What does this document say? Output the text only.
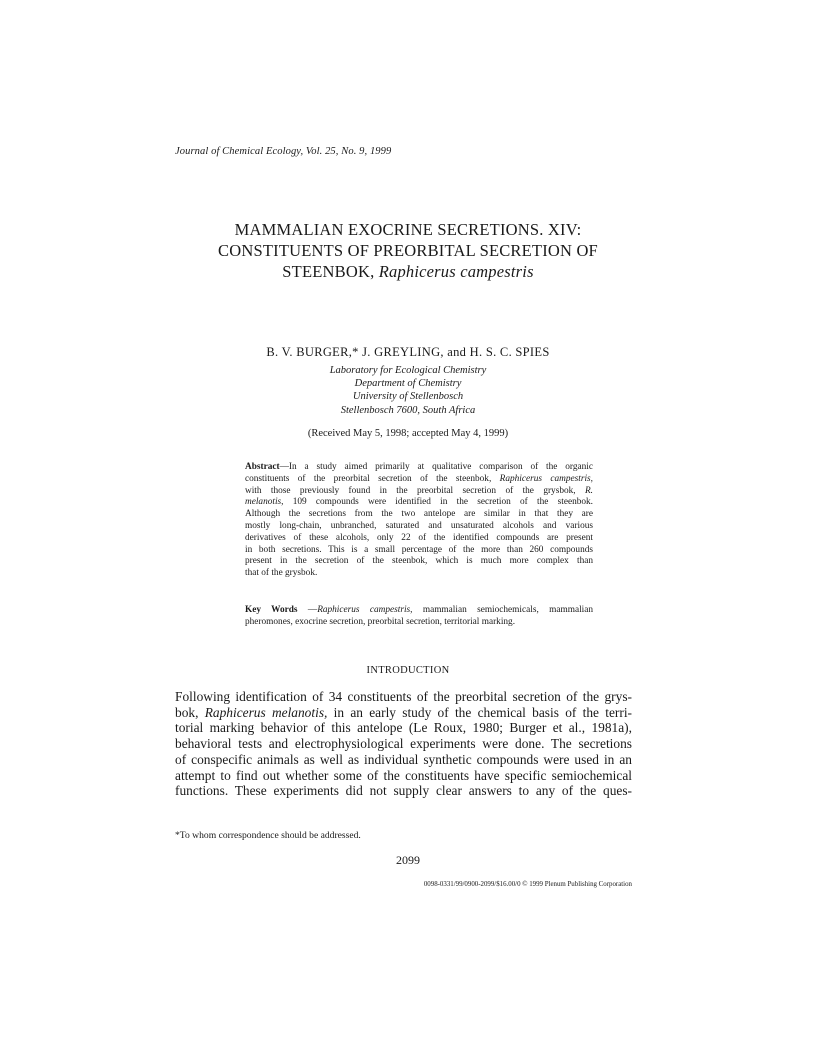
Journal of Chemical Ecology, Vol. 25, No. 9, 1999
MAMMALIAN EXOCRINE SECRETIONS. XIV:
CONSTITUENTS OF PREORBITAL SECRETION OF
STEENBOK, Raphicerus campestris
B. V. BURGER,* J. GREYLING, and H. S. C. SPIES
Laboratory for Ecological Chemistry
Department of Chemistry
University of Stellenbosch
Stellenbosch 7600, South Africa
(Received May 5, 1998; accepted May 4, 1999)
Abstract—In a study aimed primarily at qualitative comparison of the organic
constituents of the preorbital secretion of the steenbok, Raphicerus campestris,
with those previously found in the preorbital secretion of the grysbok, R.
melanotis, 109 compounds were identified in the secretion of the steenbok.
Although the secretions from the two antelope are similar in that they are
mostly long-chain, unbranched, saturated and unsaturated alcohols and various
derivatives of these alcohols, only 22 of the identified compounds are present
in both secretions. This is a small percentage of the more than 260 compounds
present in the secretion of the steenbok, which is much more complex than
that of the grysbok.
Key Words —Raphicerus campestris, mammalian semiochemicals, mammalian
pheromones, exocrine secretion, preorbital secretion, territorial marking.
INTRODUCTION
Following identification of 34 constituents of the preorbital secretion of the grys-
bok, Raphicerus melanotis, in an early study of the chemical basis of the terri-
torial marking behavior of this antelope (Le Roux, 1980; Burger et al., 1981a),
behavioral tests and electrophysiological experiments were done. The secretions
of conspecific animals as well as individual synthetic compounds were used in an
attempt to find out whether some of the constituents have specific semiochemical
functions. These experiments did not supply clear answers to any of the ques-
*To whom correspondence should be addressed.
2099
0098-0331/99/0900-2099/$16.00/0 © 1999 Plenum Publishing Corporation
